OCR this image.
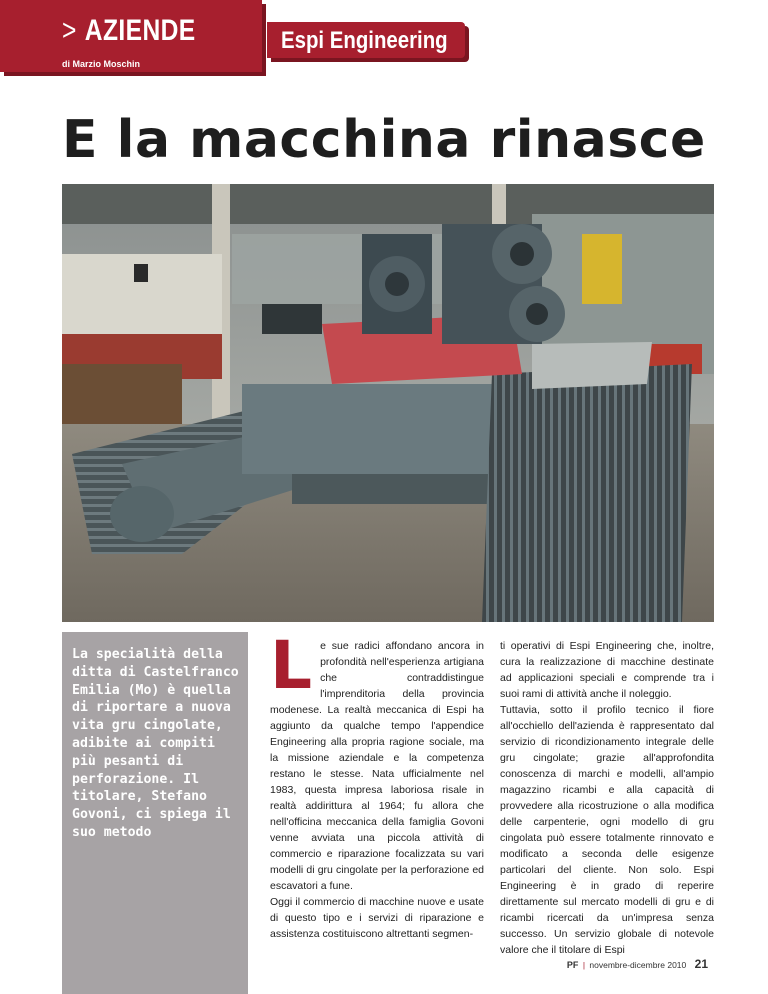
> AZIENDE
di Marzio Moschin
Espi Engineering
E la macchina rinasce

La specialità della ditta di Castelfranco Emilia (Mo) è quella di riportare a nuova vita gru cingolate, adibite ai compiti più pesanti di perforazione. Il titolare, Stefano Govoni, ci spiega il suo metodo

L e sue radici affondano ancora in profondità nell'esperienza artigiana che contraddistingue l'imprenditoria della provincia modenese. La realtà meccanica di Espi ha aggiunto da qualche tempo l'appendice Engineering alla propria ragione sociale, ma la missione aziendale e la competenza restano le stesse. Nata ufficialmente nel 1983, questa impresa laboriosa risale in realtà addirittura al 1964; fu allora che nell'officina meccanica della famiglia Govoni venne avviata una piccola attività di commercio e riparazione focalizzata su vari modelli di gru cingolate per la perforazione ed escavatori a fune.

Oggi il commercio di macchine nuove e usate di questo tipo e i servizi di riparazione e assistenza costituiscono altrettanti segmen-

ti operativi di Espi Engineering che, inoltre, cura la realizzazione di macchine destinate ad applicazioni speciali e comprende tra i suoi rami di attività anche il noleggio.

Tuttavia, sotto il profilo tecnico il fiore all'occhiello dell'azienda è rappresentato dal servizio di ricondizionamento integrale delle gru cingolate; grazie all'approfondita conoscenza di marchi e modelli, all'ampio magazzino ricambi e alla capacità di provvedere alla ricostruzione o alla modifica delle carpenterie, ogni modello di gru cingolata può essere totalmente rinnovato e modificato a seconda delle esigenze particolari del cliente. Non solo. Espi Engineering è in grado di reperire direttamente sul mercato modelli di gru e di ricambi ricercati da un'impresa senza successo. Un servizio globale di notevole valore che il titolare di Espi

PF | novembre-dicembre 2010 21
